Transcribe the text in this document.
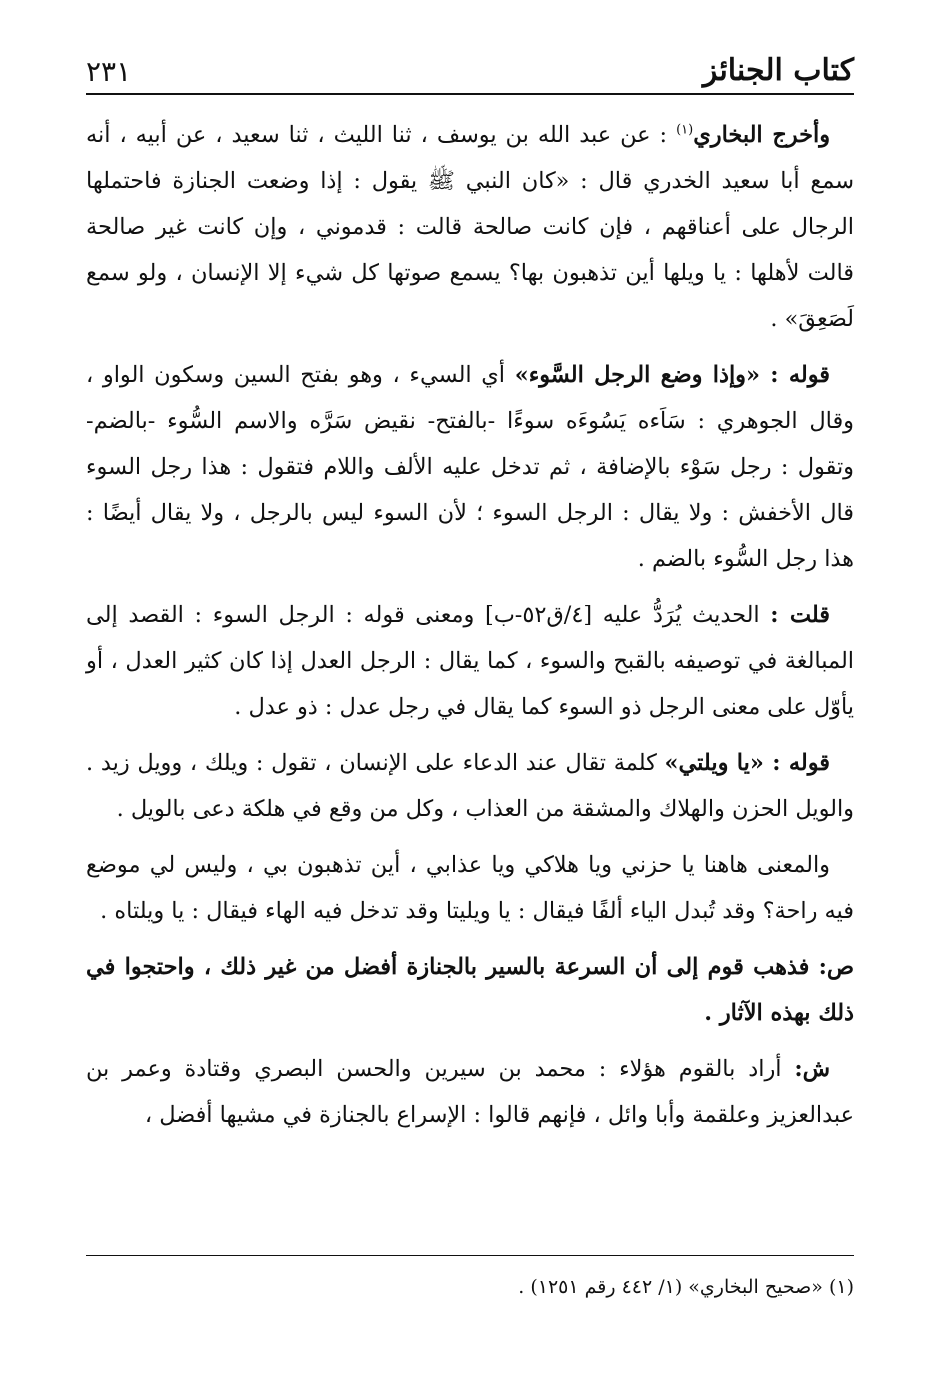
كتاب الجنائز
٢٣١

وأخرج البخاري$^{(١)}$ : عن عبد الله بن يوسف ، ثنا الليث ، ثنا سعيد ، عن أبيه ، أنه سمع أبا سعيد الخدري قال : «كان النبي ﷺ يقول : إذا وضعت الجنازة فاحتملها الرجال على أعناقهم ، فإن كانت صالحة قالت : قدموني ، وإن كانت غير صالحة قالت لأهلها : يا ويلها أين تذهبون بها؟ يسمع صوتها كل شيء إلا الإنسان ، ولو سمع لَصَعِقَ» .

قوله : «وإذا وضع الرجل السَّوء» أي السيء ، وهو بفتح السين وسكون الواو ، وقال الجوهري : سَاَءه يَسُوءَه سوءًا -بالفتح- نقيض سَرَّه والاسم السُّوء -بالضم- وتقول : رجل سَوْء بالإضافة ، ثم تدخل عليه الألف واللام فتقول : هذا رجل السوء قال الأخفش : ولا يقال : الرجل السوء ؛ لأن السوء ليس بالرجل ، ولا يقال أيضًا : هذا رجل السُّوء بالضم .

قلت : الحديث يُرَدُّ عليه [٤/ق٥٢-ب] ومعنى قوله : الرجل السوء : القصد إلى المبالغة في توصيفه بالقبح والسوء ، كما يقال : الرجل العدل إذا كان كثير العدل ، أو يأوّل على معنى الرجل ذو السوء كما يقال في رجل عدل : ذو عدل .

قوله : «يا ويلتي» كلمة تقال عند الدعاء على الإنسان ، تقول : ويلك ، وويل زيد . والويل الحزن والهلاك والمشقة من العذاب ، وكل من وقع في هلكة دعى بالويل .

والمعنى هاهنا يا حزني ويا هلاكي ويا عذابي ، أين تذهبون بي ، وليس لي موضع فيه راحة؟ وقد تُبدل الياء ألفًا فيقال : يا ويليتا وقد تدخل فيه الهاء فيقال : يا ويلتاه .

ص: فذهب قوم إلى أن السرعة بالسير بالجنازة أفضل من غير ذلك ، واحتجوا في ذلك بهذه الآثار .

ش: أراد بالقوم هؤلاء : محمد بن سيرين والحسن البصري وقتادة وعمر بن عبدالعزيز وعلقمة وأبا وائل ، فإنهم قالوا : الإسراع بالجنازة في مشيها أفضل ،

(١) «صحيح البخاري» (١/ ٤٤٢ رقم ١٢٥١) .
